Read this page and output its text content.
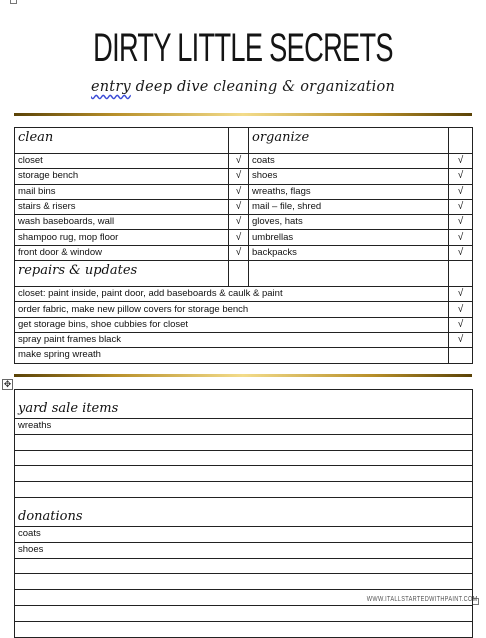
DIRTY LITTLE SECRETS
entry deep dive cleaning & organization
clean		organize	
closet	√	coats	√
storage bench	√	shoes	√
mail bins	√	wreaths, flags	√
stairs & risers	√	mail – file, shred	√
wash baseboards, wall	√	gloves, hats	√
shampoo rug, mop floor	√	umbrellas	√
front door & window	√	backpacks	√
repairs & updates			
closet: paint inside, paint door, add baseboards & caulk & paint			√
order fabric, make new pillow covers for storage bench			√
get storage bins, shoe cubbies for closet			√
spray paint frames black			√
make spring wreath			
✥
yard sale items
wreaths

donations
coats
shoes

WWW.ITALLSTARTEDWITHPAINT.COM
